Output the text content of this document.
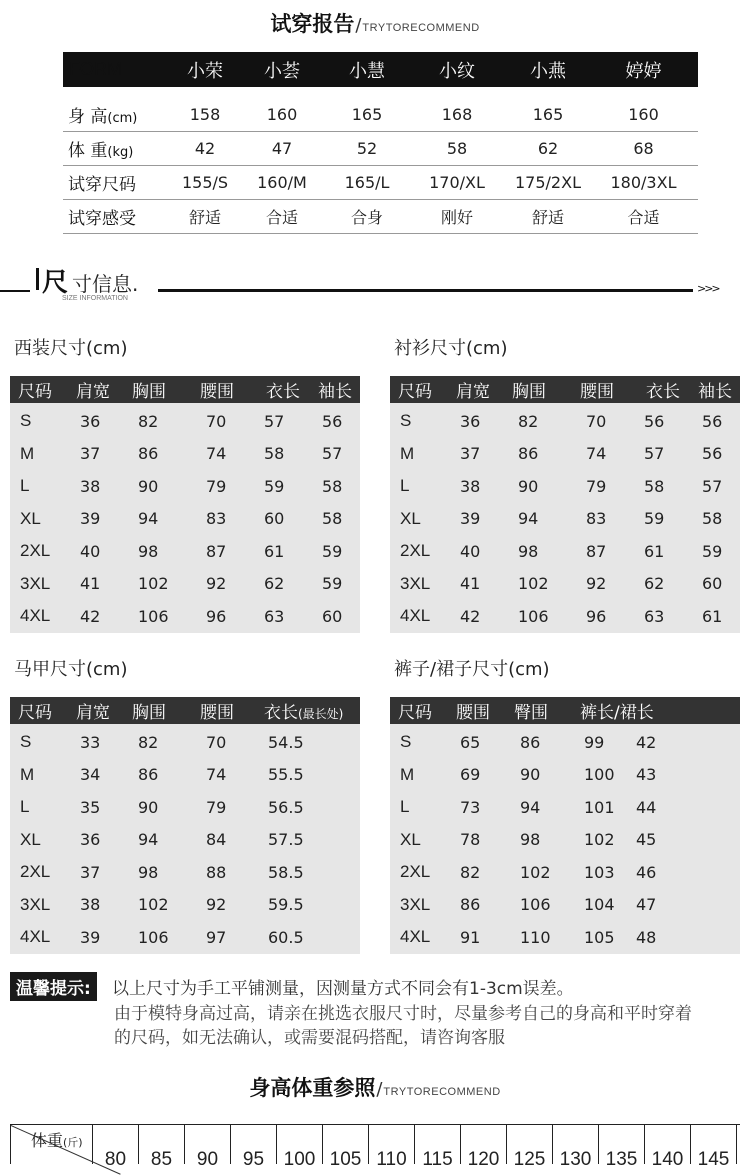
试穿报告/TRYTORECOMMEND
FORM	小荣	小荟	小慧	小纹	小燕	婷婷
身 高(cm)	158	160	165	168	165	160
体 重(kg)	42	47	52	58	62	68
试穿尺码	155/S	160/M	165/L	170/XL	175/2XL	180/3XL
试穿感受	舒适	合适	合身	刚好	舒适	合适
尺 寸信息.
SIZE INFORMATION
>>>
西装尺寸(cm)
尺码	肩宽	胸围	腰围	衣长	袖长
S	36	82	70	57	56
M	37	86	74	58	57
L	38	90	79	59	58
XL	39	94	83	60	58
2XL	40	98	87	61	59
3XL	41	102	92	62	59
4XL	42	106	96	63	60
衬衫尺寸(cm)
尺码	肩宽	胸围	腰围	衣长	袖长
S	36	82	70	56	56
M	37	86	74	57	56
L	38	90	79	58	57
XL	39	94	83	59	58
2XL	40	98	87	61	59
3XL	41	102	92	62	60
4XL	42	106	96	63	61
马甲尺寸(cm)
尺码	肩宽	胸围	腰围	衣长(最长处)
S	33	82	70	54.5
M	34	86	74	55.5
L	35	90	79	56.5
XL	36	94	84	57.5
2XL	37	98	88	58.5
3XL	38	102	92	59.5
4XL	39	106	97	60.5
裤子/裙子尺寸(cm)
尺码	腰围	臀围	裤长/裙长
S	65	86	99	42
M	69	90	100	43
L	73	94	101	44
XL	78	98	102	45
2XL	82	102	103	46
3XL	86	106	104	47
4XL	91	110	105	48
温馨提示:	以上尺寸为手工平铺测量，因测量方式不同会有1-3cm误差。
由于模特身高过高，请亲在挑选衣服尺寸时，尽量参考自己的身高和平时穿着
的尺码，如无法确认，或需要混码搭配，请咨询客服
身高体重参照/TRYTORECOMMEND
体重(斤)
80	85	90	95	100 105 110 115 120 125 130 135 140 145
